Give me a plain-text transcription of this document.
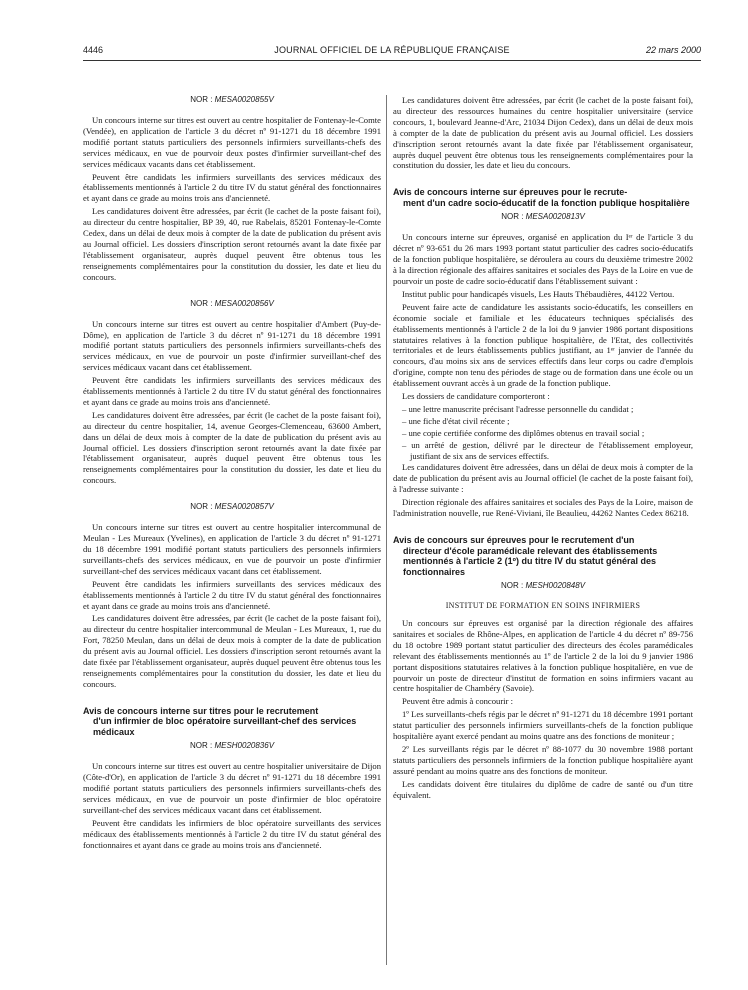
4446	JOURNAL OFFICIEL DE LA RÉPUBLIQUE FRANÇAISE	22 mars 2000
NOR : MESA0020855V

Un concours interne sur titres est ouvert au centre hospitalier de Fontenay-le-Comte (Vendée), en application de l'article 3 du décret nº 91-1271 du 18 décembre 1991 modifié portant statuts particuliers des personnels infirmiers surveillants-chefs des services médicaux, en vue de pourvoir deux postes d'infirmier surveillant-chef des services médicaux vacants dans cet établissement.

Peuvent être candidats les infirmiers surveillants des services médicaux des établissements mentionnés à l'article 2 du titre IV du statut général des fonctionnaires et ayant dans ce grade au moins trois ans d'ancienneté.

Les candidatures doivent être adressées, par écrit (le cachet de la poste faisant foi), au directeur du centre hospitalier, BP 39, 40, rue Rabelais, 85201 Fontenay-le-Comte Cedex, dans un délai de deux mois à compter de la date de publication du présent avis au Journal officiel. Les dossiers d'inscription seront retournés avant la date fixée par l'établissement organisateur, auprès duquel peuvent être obtenus tous les renseignements complémentaires pour la constitution du dossier, les date et lieu du concours.

NOR : MESA0020856V

Un concours interne sur titres est ouvert au centre hospitalier d'Ambert (Puy-de-Dôme), en application de l'article 3 du décret nº 91-1271 du 18 décembre 1991 modifié portant statuts particuliers des personnels infirmiers surveillants-chefs des services médicaux, en vue de pourvoir un poste d'infirmier surveillant-chef des services médicaux vacant dans cet établissement.

Peuvent être candidats les infirmiers surveillants des services médicaux des établissements mentionnés à l'article 2 du titre IV du statut général des fonctionnaires et ayant dans ce grade au moins trois ans d'ancienneté.

Les candidatures doivent être adressées, par écrit (le cachet de la poste faisant foi), au directeur du centre hospitalier, 14, avenue Georges-Clemenceau, 63600 Ambert, dans un délai de deux mois à compter de la date de publication du présent avis au Journal officiel. Les dossiers d'inscription seront retournés avant la date fixée par l'établissement organisateur, auprès duquel peuvent être obtenus tous les renseignements complémentaires pour la constitution du dossier, les date et lieu du concours.

NOR : MESA0020857V

Un concours interne sur titres est ouvert au centre hospitalier intercommunal de Meulan - Les Mureaux (Yvelines), en application de l'article 3 du décret nº 91-1271 du 18 décembre 1991 modifié portant statuts particuliers des personnels infirmiers surveillants-chefs des services médicaux, en vue de pourvoir un poste d'infirmier surveillant-chef des services médicaux vacant dans cet établissement.

Peuvent être candidats les infirmiers surveillants des services médicaux des établissements mentionnés à l'article 2 du titre IV du statut général des fonctionnaires et ayant dans ce grade au moins trois ans d'ancienneté.

Les candidatures doivent être adressées, par écrit (le cachet de la poste faisant foi), au directeur du centre hospitalier intercommunal de Meulan - Les Mureaux, 1, rue du Fort, 78250 Meulan, dans un délai de deux mois à compter de la date de publication du présent avis au Journal officiel. Les dossiers d'inscription seront retournés avant la date fixée par l'établissement organisateur, auprès duquel peuvent être obtenus tous les renseignements complémentaires pour la constitution du dossier, les date et lieu du concours.

Avis de concours interne sur titres pour le recrutement
d'un infirmier de bloc opératoire surveillant-chef des services médicaux
NOR : MESH0020836V

Un concours interne sur titres est ouvert au centre hospitalier universitaire de Dijon (Côte-d'Or), en application de l'article 3 du décret nº 91-1271 du 18 décembre 1991 modifié portant statuts particuliers des personnels infirmiers surveillants-chefs des services médicaux, en vue de pourvoir un poste d'infirmier de bloc opératoire surveillant-chef des services médicaux vacant dans cet établissement.

Peuvent être candidats les infirmiers de bloc opératoire surveillants des services médicaux des établissements mentionnés à l'article 2 du titre IV du statut général des fonctionnaires et ayant dans ce grade au moins trois ans d'ancienneté.

Les candidatures doivent être adressées, par écrit (le cachet de la poste faisant foi), au directeur des ressources humaines du centre hospitalier universitaire (service concours, 1, boulevard Jeanne-d'Arc, 21034 Dijon Cedex), dans un délai de deux mois à compter de la date de publication du présent avis au Journal officiel. Les dossiers d'inscription seront retournés avant la date fixée par l'établissement organisateur, auprès duquel peuvent être obtenus tous les renseignements complémentaires pour la constitution du dossier, les date et lieu du concours.

Avis de concours interne sur épreuves pour le recrute-
ment d'un cadre socio-éducatif de la fonction publique hospitalière
NOR : MESA0020813V

Un concours interne sur épreuves, organisé en application du Iᵉʳ de l'article 3 du décret nº 93-651 du 26 mars 1993 portant statut particulier des cadres socio-éducatifs de la fonction publique hospitalière, se déroulera au cours du deuxième trimestre 2002 à la direction régionale des affaires sanitaires et sociales des Pays de la Loire en vue de pourvoir un poste de cadre socio-éducatif dans l'établissement suivant :

Institut public pour handicapés visuels, Les Hauts Thébaudières, 44122 Vertou.

Peuvent faire acte de candidature les assistants socio-éducatifs, les conseillers en économie sociale et familiale et les éducateurs techniques spécialisés des établissements mentionnés à l'article 2 de la loi du 9 janvier 1986 portant dispositions statutaires relatives à la fonction publique hospitalière, de l'Etat, des collectivités territoriales et de leurs établissements publics justifiant, au 1ᵉʳ janvier de l'année du concours, d'au moins six ans de services effectifs dans leur corps ou cadre d'emplois d'origine, compte non tenu des périodes de stage ou de formation dans une école ou un établissement ouvrant accès à un grade de la fonction publique.

Les dossiers de candidature comporteront :

– une lettre manuscrite précisant l'adresse personnelle du candidat ;
– une fiche d'état civil récente ;
– une copie certifiée conforme des diplômes obtenus en travail social ;
– un arrêté de gestion, délivré par le directeur de l'établissement employeur, justifiant de six ans de services effectifs.

Les candidatures doivent être adressées, dans un délai de deux mois à compter de la date de publication du présent avis au Journal officiel (le cachet de la poste faisant foi), à l'adresse suivante :

Direction régionale des affaires sanitaires et sociales des Pays de la Loire, maison de l'administration nouvelle, rue René-Viviani, île Beaulieu, 44262 Nantes Cedex 86218.

Avis de concours sur épreuves pour le recrutement d'un
directeur d'école paramédicale relevant des établissements mentionnés à l'article 2 (1º) du titre IV du statut général des fonctionnaires
NOR : MESH0020848V
INSTITUT DE FORMATION EN SOINS INFIRMIERS

Un concours sur épreuves est organisé par la direction régionale des affaires sanitaires et sociales de Rhône-Alpes, en application de l'article 4 du décret nº 89-756 du 18 octobre 1989 portant statut particulier des directeurs des écoles paramédicales relevant des établissements mentionnés au 1º de l'article 2 de la loi du 9 janvier 1986 portant dispositions statutaires relatives à la fonction publique hospitalière, en vue de pourvoir un poste de directeur d'institut de formation en soins infirmiers vacant au centre hospitalier de Chambéry (Savoie).

Peuvent être admis à concourir :

1º Les surveillants-chefs régis par le décret nº 91-1271 du 18 décembre 1991 portant statut particulier des personnels infirmiers surveillants-chefs de la fonction publique hospitalière ayant exercé pendant au moins quatre ans des fonctions de moniteur ;

2º Les surveillants régis par le décret nº 88-1077 du 30 novembre 1988 portant statuts particuliers des personnels infirmiers de la fonction publique hospitalière ayant assuré pendant au moins quatre ans des fonctions de moniteur.

Les candidats doivent être titulaires du diplôme de cadre de santé ou d'un titre équivalent.
